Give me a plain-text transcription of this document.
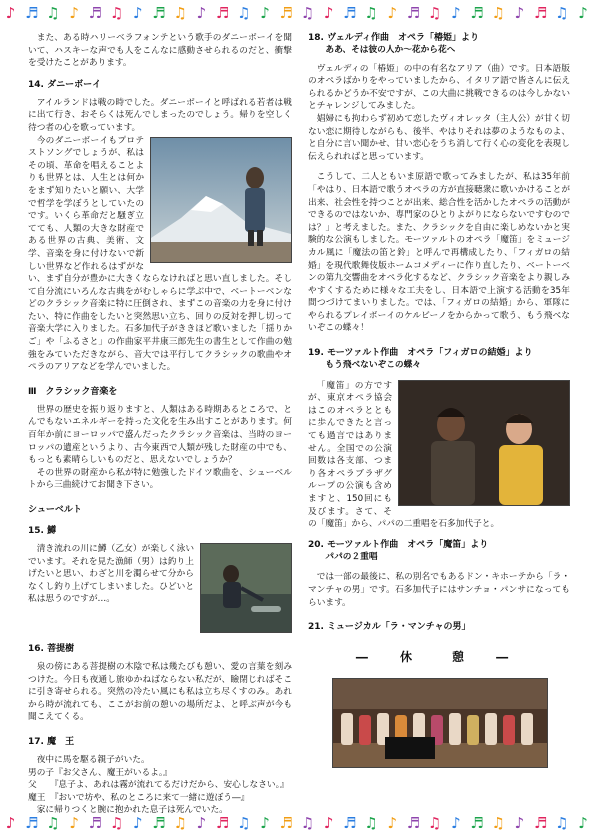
♪ ♬ ♫ ♪ ♬ ♫ ♪ ♬ ♫ ♪ ♬ ♫ ♪ ♬ ♫ ♪ ♬ ♫ ♪ ♬ ♫ ♪ ♬ ♫ ♪ ♬ ♫ ♪

また、ある時ハリーベラフォンテという歌手のダニーボーイを聞いて、ハスキーな声でも人をこんなに感動させられるのだと、衝撃を受けたことがあります。

14. ダニーボーイ

アイルランドは戦の時でした。ダニーボーイと呼ばれる若者は戦に出て行き、おそらくは死んでしまったのでしょう。帰りを空しく待つ者の心を歌っています。

今のダニーボーイもプロテストソングでしょうが、私はその頃、革命を唱えることよりも世界とは、人生とは何かをまず知りたいと願い、大学で哲学を学ぼうとしていたのです。いくら革命だと騒ぎ立てても、人類の大きな財産である世界の古典、美術、文学、音楽を身に付けないで新しい世界など作れるはずがない、まず自分が豊かに大きくならなければと思い直しました。そして自分流にいろんな古典をがむしゃらに学ぶ中で、ベートーベンなどのクラシック音楽に特に圧倒され、まずこの音楽の力を身に付けたい、特に作曲をしたいと突然思い立ち、回りの反対を押し切って音楽大学に入りました。石多加代子がききほど歌いました「揺りかご」や「ふるさと」の作曲家平井康三郎先生の書生として作曲の勉強をみていただきながら、音大では平行してクラシックの歌曲やオペラのアリアなどを学んでいました。

Ⅲ　クラシック音楽を

世界の歴史を振り返りますと、人類はある時期あるところで、とんでもないエネルギーを持った文化を生み出すことがあります。何百年か前にヨーロッパで盛んだったクラシック音楽は、当時のヨーロッパの遺産というより、古今東西で人類が残した財産の中でも、もっとも素晴らしいものだと、思えないでしょうか？

その世界の財産から私が特に勉強したドイツ歌曲を、シューベルトから三曲続けてお聞き下さい。

シューベルト
15. 鱒

清き流れの川に鱒（乙女）が楽しく泳いでいます。それを見た漁師（男）は釣り上げたいと思い、わざと川を濁らせて分からなくし釣り上げてしまいました。ひどいと私は思うのですが…。

16. 菩提樹

泉の傍にある菩提樹の木陰で私は幾たびも憩い、愛の言葉を刻みつけた。今日も夜通し旅ゆかねばならない私だが、瞼閉じればそこに引き寄せられる。突然の冷たい風にも私は立ち尽くすのみ。あれから時が流れても、ここがお前の憩いの場所だよ、と呼ぶ声が今も聞こえてくる。

17. 魔　王

夜中に馬を駆る親子がいた。

男の子『お父さん、魔王がいるよ。』
父　　『息子よ、あれは霧が流れてるだけだから、安心しなさい。』
魔王　『おいで坊や、私のところに来て一緒に遊ぼう―』

家に帰りつくと腕に抱かれた息子は死んでいた。

18. ヴェルディ作曲　オペラ「椿姫」より
ああ、そは彼の人か～花から花へ

ヴェルディの「椿姫」の中の有名なアリア（曲）です。日本語版のオペラばかりをやっていましたから、イタリア語で皆さんに伝えられるかどうか不安ですが、この大曲に挑戦できるのは今しかないとチャレンジしてみました。

娼婦にも拘わらず初めて恋したヴィオレッタ（主人公）が甘く切ない恋に期待しながらも、後半、やはりそれは夢のようなものよ、と自分に言い聞かせ、甘い恋心をうち消して行く心の変化を表現し伝えられればと思っています。

こうして、二人ともいま原語で歌ってみましたが、私は35年前「やはり、日本語で歌うオペラの方が直接聴衆に歌いかけることが出来、社会性を持つことが出来、総合性を活かしたオペラの活動ができるのではないか、専門家のひとりよがりにならないですむのでは？」と考えました。また、クラシックを自由に楽しめないかと実験的な公演もしました。モーツァルトのオペラ「魔笛」をミュージカル風に「魔法の笛と鈴」と呼んで再構成したり、「フィガロの結婚」を現代歌舞伎版ホームコメディーに作り直したり、ベートーベンの第九交響曲をオペラ化するなど、クラシック音楽をより親しみやすくするために様々な工夫をし、日本語で上演する活動を35年間つづけてまいりました。では、「フィガロの結婚」から、軍隊にやられるプレイボーイのケルビーノをからかって歌う、もう飛べないぞこの蝶々！

19. モーツァルト作曲　オペラ「フィガロの結婚」より
もう飛べないぞこの蝶々

「魔笛」の方ですが、東京オペラ協会はこのオペラとともに歩んできたと言っても過言ではありません。全国での公演回数は各支部、つまり各オペラブラザグループの公演も含めますと、150回にも及びます。さて、その「魔笛」から、パパの二重唱を石多加代子と。

20. モーツァルト作曲　オペラ「魔笛」より
パパの２重唱

では一部の最後に、私の別名でもあるドン・キホーテから「ラ・マンチャの男」です。石多加代子にはサンチョ・パンサになってもらいます。

21. ミュージカル「ラ・マンチャの男」
― 休　憩 ―
♪ ♬ ♫ ♪ ♬ ♫ ♪ ♬ ♫ ♪ ♬ ♫ ♪ ♬ ♫ ♪ ♬ ♫ ♪ ♬ ♫ ♪ ♬ ♫ ♪ ♬ ♫ ♪
